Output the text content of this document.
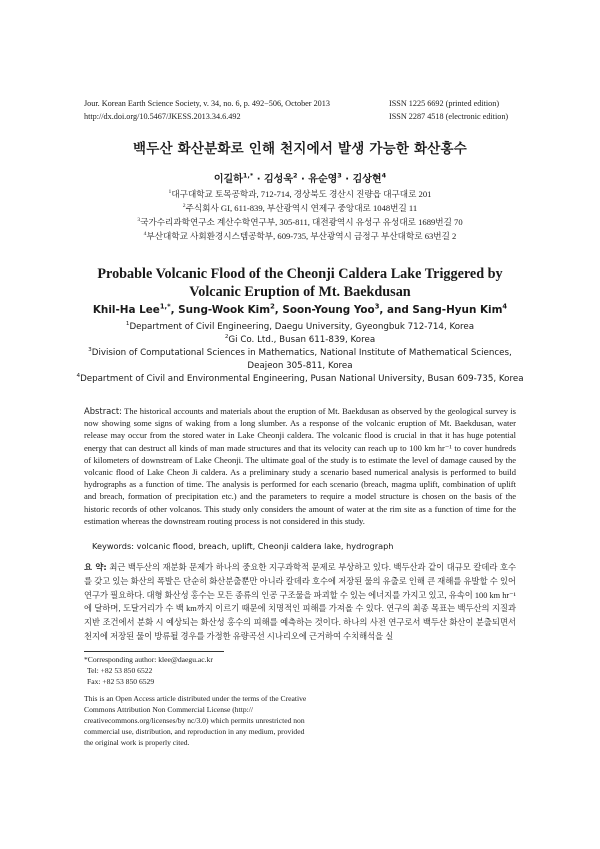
Jour. Korean Earth Science Society, v. 34, no. 6, p. 492−506, October 2013
http://dx.doi.org/10.5467/JKESS.2013.34.6.492
ISSN 1225 6692 (printed edition)
ISSN 2287 4518 (electronic edition)
백두산 화산분화로 인해 천지에서 발생 가능한 화산홍수
이길하$^{1,*}$ · 김성욱$^2$ · 유순영$^3$ · 김상현$^4$
$^1$대구대학교 토목공학과, 712-714, 경상북도 경산시 진량읍 대구대로 201
$^2$주식회사 GI, 611-839, 부산광역시 연제구 중앙대로 1048번길 11
$^3$국가수리과학연구소 계산수학연구부, 305-811, 대전광역시 유성구 유성대로 1689번길 70
$^4$부산대학교 사회환경시스템공학부, 609-735, 부산광역시 금정구 부산대학로 63번길 2
Probable Volcanic Flood of the Cheonji Caldera Lake Triggered by
Volcanic Eruption of Mt. Baekdusan
Khil-Ha Lee$^{1,*}$, Sung-Wook Kim$^2$, Soon-Young Yoo$^3$, and Sang-Hyun Kim$^4$
$^1$Department of Civil Engineering, Daegu University, Gyeongbuk 712-714, Korea
$^2$Gi Co. Ltd., Busan 611-839, Korea
$^3$Division of Computational Sciences in Mathematics, National Institute of Mathematical Sciences,
Deajeon 305-811, Korea
$^4$Department of Civil and Environmental Engineering, Pusan National University, Busan 609-735, Korea
Abstract: The historical accounts and materials about the eruption of Mt. Baekdusan as observed by the geological survey is now showing some signs of waking from a long slumber. As a response of the volcanic eruption of Mt. Baekdusan, water release may occur from the stored water in Lake Cheonji caldera. The volcanic flood is crucial in that it has huge potential energy that can destruct all kinds of man made structures and that its velocity can reach up to 100 km hr⁻¹ to cover hundreds of kilometers of downstream of Lake Cheonji. The ultimate goal of the study is to estimate the level of damage caused by the volcanic flood of Lake Cheon Ji caldera. As a preliminary study a scenario based numerical analysis is performed to build hydrographs as a function of time. The analysis is performed for each scenario (breach, magma uplift, combination of uplift and breach, formation of precipitation etc.) and the parameters to require a model structure is chosen on the basis of the historic records of other volcanos. This study only considers the amount of water at the rim site as a function of time for the estimation whereas the downstream routing process is not considered in this study.
Keywords: volcanic flood, breach, uplift, Cheonji caldera lake, hydrograph
요 약: 최근 백두산의 재분화 문제가 하나의 중요한 지구과학적 문제로 부상하고 있다. 백두산과 같이 대규모 칼데라 호수를 갖고 있는 화산의 폭발은 단순히 화산분출뿐만 아니라 칼데라 호수에 저장된 물의 유출로 인해 큰 재해를 유발할 수 있어 연구가 필요하다. 대형 화산성 홍수는 모든 종류의 인공 구조물을 파괴할 수 있는 에너지를 가지고 있고, 유속이 100 km hr⁻¹에 달하며, 도달거리가 수 백 km까지 이르기 때문에 치명적인 피해를 가져올 수 있다. 연구의 최종 목표는 백두산의 지질과 지반 조건에서 분화 시 예상되는 화산성 홍수의 피해를 예측하는 것이다. 하나의 사전 연구로서 백두산 화산이 분출되면서 천지에 저장된 물이 방류될 경우를 가정한 유량곡선 시나리오에 근거하여 수치해석을 실
*Corresponding author: klee@daegu.ac.kr
Tel: +82 53 850 6522
Fax: +82 53 850 6529
This is an Open Access article distributed under the terms of the Creative Commons Attribution Non Commercial License (http:// creativecommons.org/licenses/by nc/3.0) which permits unrestricted non commercial use, distribution, and reproduction in any medium, provided the original work is properly cited.
